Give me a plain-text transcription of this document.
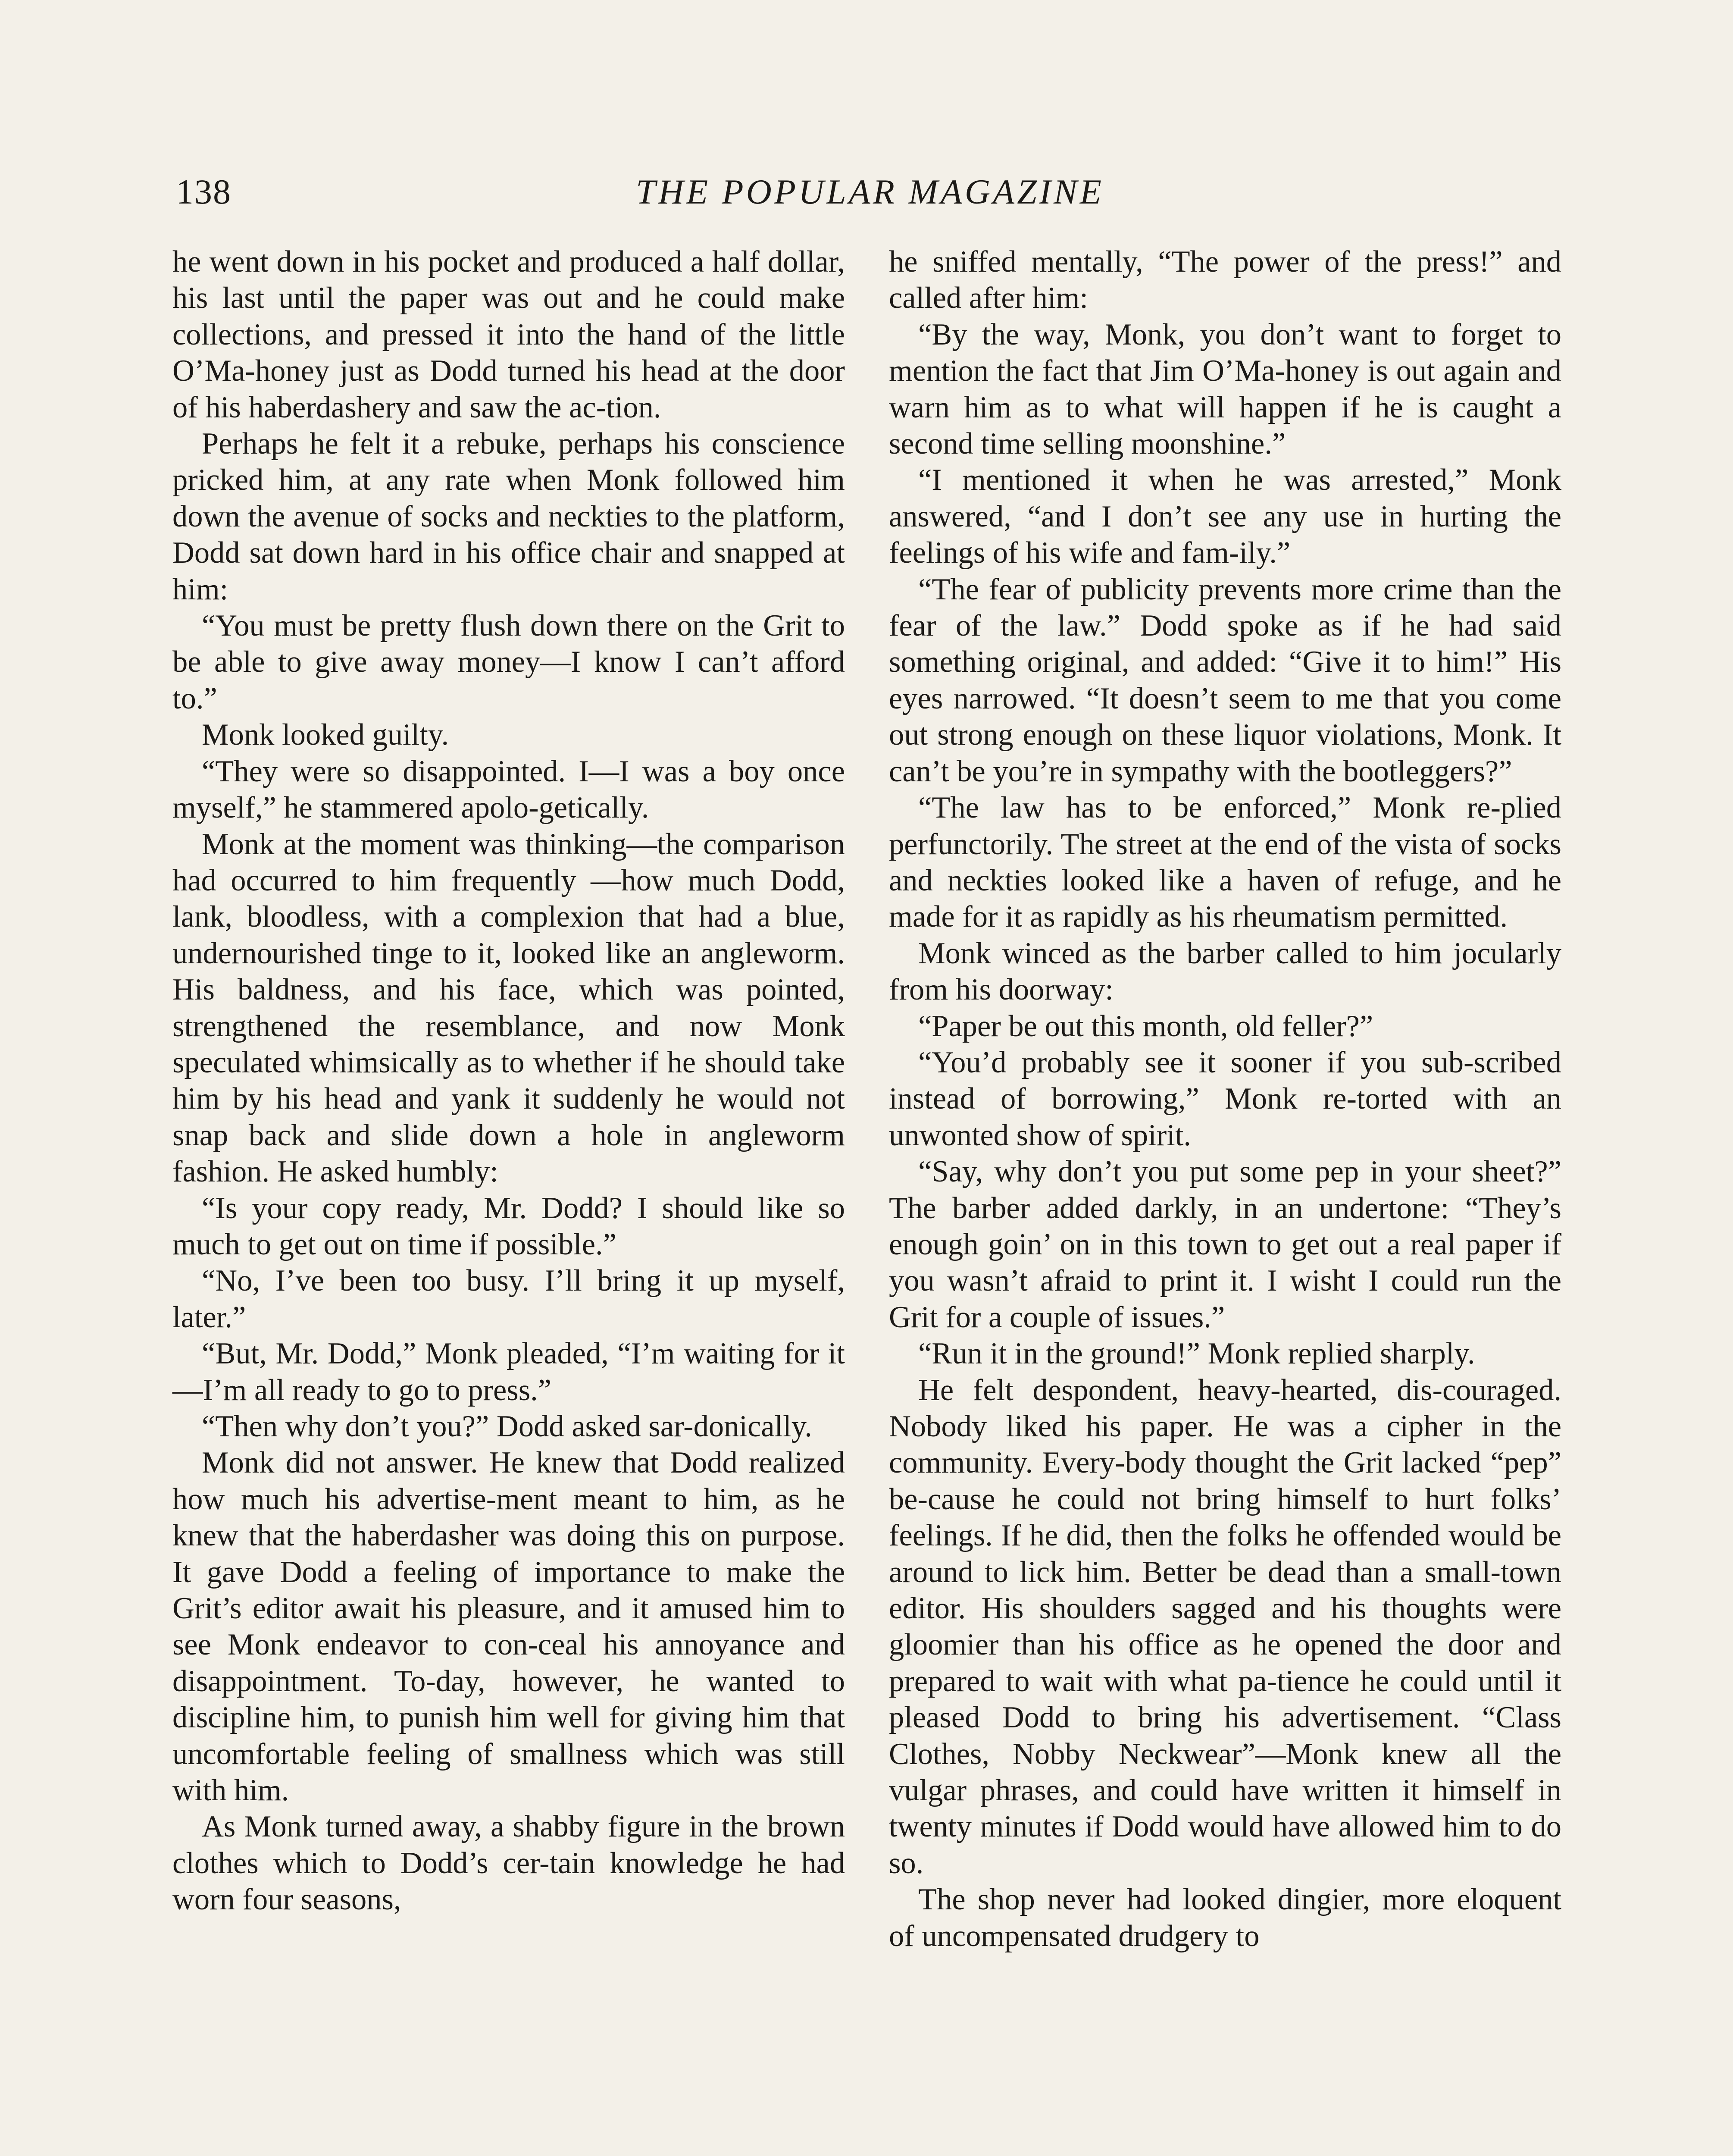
138	THE POPULAR MAGAZINE

he went down in his pocket and produced a half dollar, his last until the paper was out and he could make collections, and pressed it into the hand of the little O’Ma-honey just as Dodd turned his head at the door of his haberdashery and saw the ac-tion.

Perhaps he felt it a rebuke, perhaps his conscience pricked him, at any rate when Monk followed him down the avenue of socks and neckties to the platform, Dodd sat down hard in his office chair and snapped at him:

“You must be pretty flush down there on the Grit to be able to give away money—I know I can’t afford to.”

Monk looked guilty.

“They were so disappointed. I—I was a boy once myself,” he stammered apolo-getically.

Monk at the moment was thinking—the comparison had occurred to him frequently —how much Dodd, lank, bloodless, with a complexion that had a blue, undernourished tinge to it, looked like an angleworm. His baldness, and his face, which was pointed, strengthened the resemblance, and now Monk speculated whimsically as to whether if he should take him by his head and yank it suddenly he would not snap back and slide down a hole in angleworm fashion. He asked humbly:

“Is your copy ready, Mr. Dodd? I should like so much to get out on time if possible.”

“No, I’ve been too busy. I’ll bring it up myself, later.”

“But, Mr. Dodd,” Monk pleaded, “I’m waiting for it—I’m all ready to go to press.”

“Then why don’t you?” Dodd asked sar-donically.

Monk did not answer. He knew that Dodd realized how much his advertise-ment meant to him, as he knew that the haberdasher was doing this on purpose. It gave Dodd a feeling of importance to make the Grit’s editor await his pleasure, and it amused him to see Monk endeavor to con-ceal his annoyance and disappointment. To-day, however, he wanted to discipline him, to punish him well for giving him that uncomfortable feeling of smallness which was still with him.

As Monk turned away, a shabby figure in the brown clothes which to Dodd’s cer-tain knowledge he had worn four seasons,

he sniffed mentally, “The power of the press!” and called after him:

“By the way, Monk, you don’t want to forget to mention the fact that Jim O’Ma-honey is out again and warn him as to what will happen if he is caught a second time selling moonshine.”

“I mentioned it when he was arrested,” Monk answered, “and I don’t see any use in hurting the feelings of his wife and fam-ily.”

“The fear of publicity prevents more crime than the fear of the law.” Dodd spoke as if he had said something original, and added: “Give it to him!” His eyes narrowed. “It doesn’t seem to me that you come out strong enough on these liquor violations, Monk. It can’t be you’re in sympathy with the bootleggers?”

“The law has to be enforced,” Monk re-plied perfunctorily. The street at the end of the vista of socks and neckties looked like a haven of refuge, and he made for it as rapidly as his rheumatism permitted.

Monk winced as the barber called to him jocularly from his doorway:

“Paper be out this month, old feller?”

“You’d probably see it sooner if you sub-scribed instead of borrowing,” Monk re-torted with an unwonted show of spirit.

“Say, why don’t you put some pep in your sheet?” The barber added darkly, in an undertone: “They’s enough goin’ on in this town to get out a real paper if you wasn’t afraid to print it. I wisht I could run the Grit for a couple of issues.”

“Run it in the ground!” Monk replied sharply.

He felt despondent, heavy-hearted, dis-couraged. Nobody liked his paper. He was a cipher in the community. Every-body thought the Grit lacked “pep” be-cause he could not bring himself to hurt folks’ feelings. If he did, then the folks he offended would be around to lick him. Better be dead than a small-town editor. His shoulders sagged and his thoughts were gloomier than his office as he opened the door and prepared to wait with what pa-tience he could until it pleased Dodd to bring his advertisement. “Class Clothes, Nobby Neckwear”—Monk knew all the vulgar phrases, and could have written it himself in twenty minutes if Dodd would have allowed him to do so.

The shop never had looked dingier, more eloquent of uncompensated drudgery to
